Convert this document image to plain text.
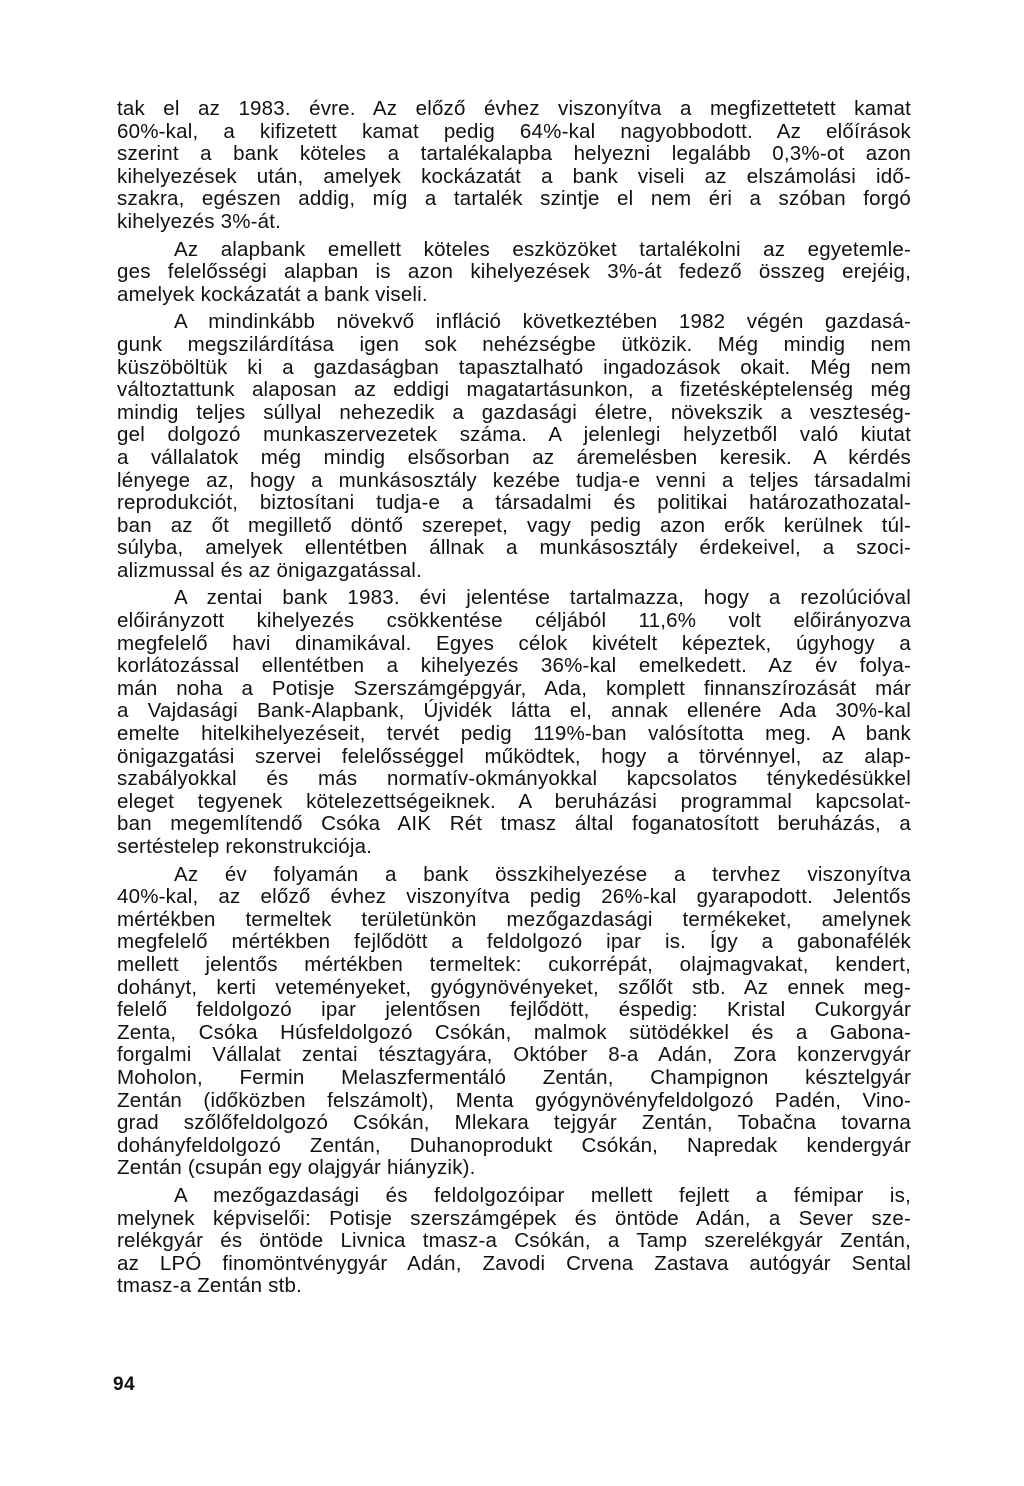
tak el az 1983. évre. Az előző évhez viszonyítva a megfizettetett kamat
60%-kal, a kifizetett kamat pedig 64%-kal nagyobbodott. Az előírások
szerint a bank köteles a tartalékalapba helyezni legalább 0,3%-ot azon
kihelyezések után, amelyek kockázatát a bank viseli az elszámolási idő-
szakra, egészen addig, míg a tartalék szintje el nem éri a szóban forgó
kihelyezés 3%-át.
Az alapbank emellett köteles eszközöket tartalékolni az egyetemle-
ges felelősségi alapban is azon kihelyezések 3%-át fedező összeg erejéig,
amelyek kockázatát a bank viseli.
A mindinkább növekvő infláció következtében 1982 végén gazdasá-
gunk megszilárdítása igen sok nehézségbe ütközik. Még mindig nem
küszöböltük ki a gazdaságban tapasztalható ingadozások okait. Még nem
változtattunk alaposan az eddigi magatartásunkon, a fizetésképtelenség még
mindig teljes súllyal nehezedik a gazdasági életre, növekszik a veszteség-
gel dolgozó munkaszervezetek száma. A jelenlegi helyzetből való kiutat
a vállalatok még mindig elsősorban az áremelésben keresik. A kérdés
lényege az, hogy a munkásosztály kezébe tudja-e venni a teljes társadalmi
reprodukciót, biztosítani tudja-e a társadalmi és politikai határozathozatal-
ban az őt megillető döntő szerepet, vagy pedig azon erők kerülnek túl-
súlyba, amelyek ellentétben állnak a munkásosztály érdekeivel, a szoci-
alizmussal és az önigazgatással.
A zentai bank 1983. évi jelentése tartalmazza, hogy a rezolúcióval
előirányzott kihelyezés csökkentése céljából 11,6% volt előirányozva
megfelelő havi dinamikával. Egyes célok kivételt képeztek, úgyhogy a
korlátozással ellentétben a kihelyezés 36%-kal emelkedett. Az év folya-
mán noha a Potisje Szerszámgépgyár, Ada, komplett finnanszírozását már
a Vajdasági Bank-Alapbank, Újvidék látta el, annak ellenére Ada 30%-kal
emelte hitelkihelyezéseit, tervét pedig 119%-ban valósította meg. A bank
önigazgatási szervei felelősséggel működtek, hogy a törvénnyel, az alap-
szabályokkal és más normatív-okmányokkal kapcsolatos ténykedésükkel
eleget tegyenek kötelezettségeiknek. A beruházási programmal kapcsolat-
ban megemlítendő Csóka AIK Rét tmasz által foganatosított beruházás, a
sertéstelep rekonstrukciója.
Az év folyamán a bank összkihelyezése a tervhez viszonyítva
40%-kal, az előző évhez viszonyítva pedig 26%-kal gyarapodott. Jelentős
mértékben termeltek területünkön mezőgazdasági termékeket, amelynek
megfelelő mértékben fejlődött a feldolgozó ipar is. Így a gabonafélék
mellett jelentős mértékben termeltek: cukorrépát, olajmagvakat, kendert,
dohányt, kerti veteményeket, gyógynövényeket, szőlőt stb. Az ennek meg-
felelő feldolgozó ipar jelentősen fejlődött, éspedig: Kristal Cukorgyár
Zenta, Csóka Húsfeldolgozó Csókán, malmok sütödékkel és a Gabona-
forgalmi Vállalat zentai tésztagyára, Október 8-a Adán, Zora konzervgyár
Moholon, Fermin Melaszfermentáló Zentán, Champignon késztelgyár
Zentán (időközben felszámolt), Menta gyógynövényfeldolgozó Padén, Vino-
grad szőlőfeldolgozó Csókán, Mlekara tejgyár Zentán, Tobačna tovarna
dohányfeldolgozó Zentán, Duhanoprodukt Csókán, Napredak kendergyár
Zentán (csupán egy olajgyár hiányzik).
A mezőgazdasági és feldolgozóipar mellett fejlett a fémipar is,
melynek képviselői: Potisje szerszámgépek és öntöde Adán, a Sever sze-
relékgyár és öntöde Livnica tmasz-a Csókán, a Tamp szerelékgyár Zentán,
az LPÓ finomöntvénygyár Adán, Zavodi Crvena Zastava autógyár Sental
tmasz-a Zentán stb.
94
